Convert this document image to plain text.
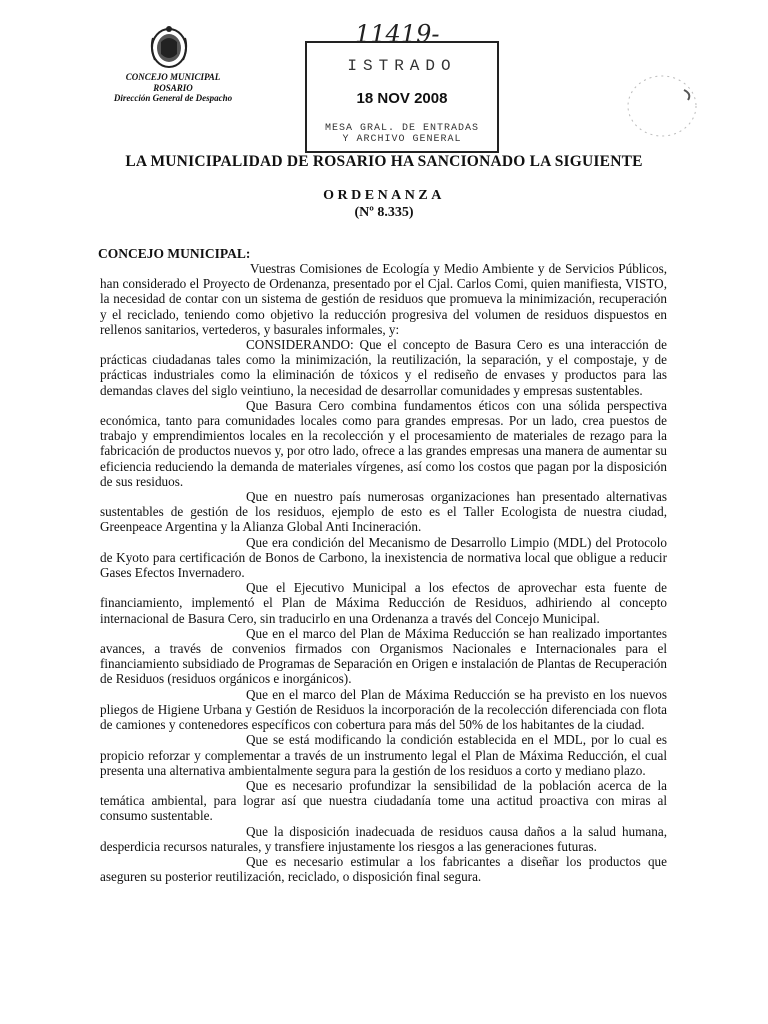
CONCEJO MUNICIPAL
ROSARIO
Dirección General de Despacho
11419-
ISTRADO
18 NOV 2008
MESA GRAL. DE ENTRADAS
Y ARCHIVO GENERAL
LA MUNICIPALIDAD DE ROSARIO HA SANCIONADO LA SIGUIENTE
ORDENANZA
(Nº 8.335)
CONCEJO MUNICIPAL:

Vuestras Comisiones de Ecología y Medio Ambiente y de Servicios Públicos, han considerado el Proyecto de Ordenanza, presentado por el Cjal. Carlos Comi, quien manifiesta, VISTO, la necesidad de contar con un sistema de gestión de residuos que promueva la minimización, recuperación y el reciclado, teniendo como objetivo la reducción progresiva del volumen de residuos dispuestos en rellenos sanitarios, vertederos, y basurales informales, y:

CONSIDERANDO: Que el concepto de Basura Cero es una interacción de prácticas ciudadanas tales como la minimización, la reutilización, la separación, y el compostaje, y de prácticas industriales como la eliminación de tóxicos y el rediseño de envases y productos para las demandas claves del siglo veintiuno, la necesidad de desarrollar comunidades y empresas sustentables.

Que Basura Cero combina fundamentos éticos con una sólida perspectiva económica, tanto para comunidades locales como para grandes empresas. Por un lado, crea puestos de trabajo y emprendimientos locales en la recolección y el procesamiento de materiales de rezago para la fabricación de productos nuevos y, por otro lado, ofrece a las grandes empresas una manera de aumentar su eficiencia reduciendo la demanda de materiales vírgenes, así como los costos que pagan por la disposición de sus residuos.

Que en nuestro país numerosas organizaciones han presentado alternativas sustentables de gestión de los residuos, ejemplo de esto es el Taller Ecologista de nuestra ciudad, Greenpeace Argentina y la Alianza Global Anti Incineración.

Que era condición del Mecanismo de Desarrollo Limpio (MDL) del Protocolo de Kyoto para certificación de Bonos de Carbono, la inexistencia de normativa local que obligue a reducir Gases Efectos Invernadero.

Que el Ejecutivo Municipal a los efectos de aprovechar esta fuente de financiamiento, implementó el Plan de Máxima Reducción de Residuos, adhiriendo al concepto internacional de Basura Cero, sin traducirlo en una Ordenanza a través del Concejo Municipal.

Que en el marco del Plan de Máxima Reducción se han realizado importantes avances, a través de convenios firmados con Organismos Nacionales e Internacionales para el financiamiento subsidiado de Programas de Separación en Origen e instalación de Plantas de Recuperación de Residuos (residuos orgánicos e inorgánicos).

Que en el marco del Plan de Máxima Reducción se ha previsto en los nuevos pliegos de Higiene Urbana y Gestión de Residuos la incorporación de la recolección diferenciada con flota de camiones y contenedores específicos con cobertura para más del 50% de los habitantes de la ciudad.

Que se está modificando la condición establecida en el MDL, por lo cual es propicio reforzar y complementar a través de un instrumento legal el Plan de Máxima Reducción, el cual presenta una alternativa ambientalmente segura para la gestión de los residuos a corto y mediano plazo.

Que es necesario profundizar la sensibilidad de la población acerca de la temática ambiental, para lograr así que nuestra ciudadanía tome una actitud proactiva con miras al consumo sustentable.

Que la disposición inadecuada de residuos causa daños a la salud humana, desperdicia recursos naturales, y transfiere injustamente los riesgos a las generaciones futuras.

Que es necesario estimular a los fabricantes a diseñar los productos que aseguren su posterior reutilización, reciclado, o disposición final segura.
